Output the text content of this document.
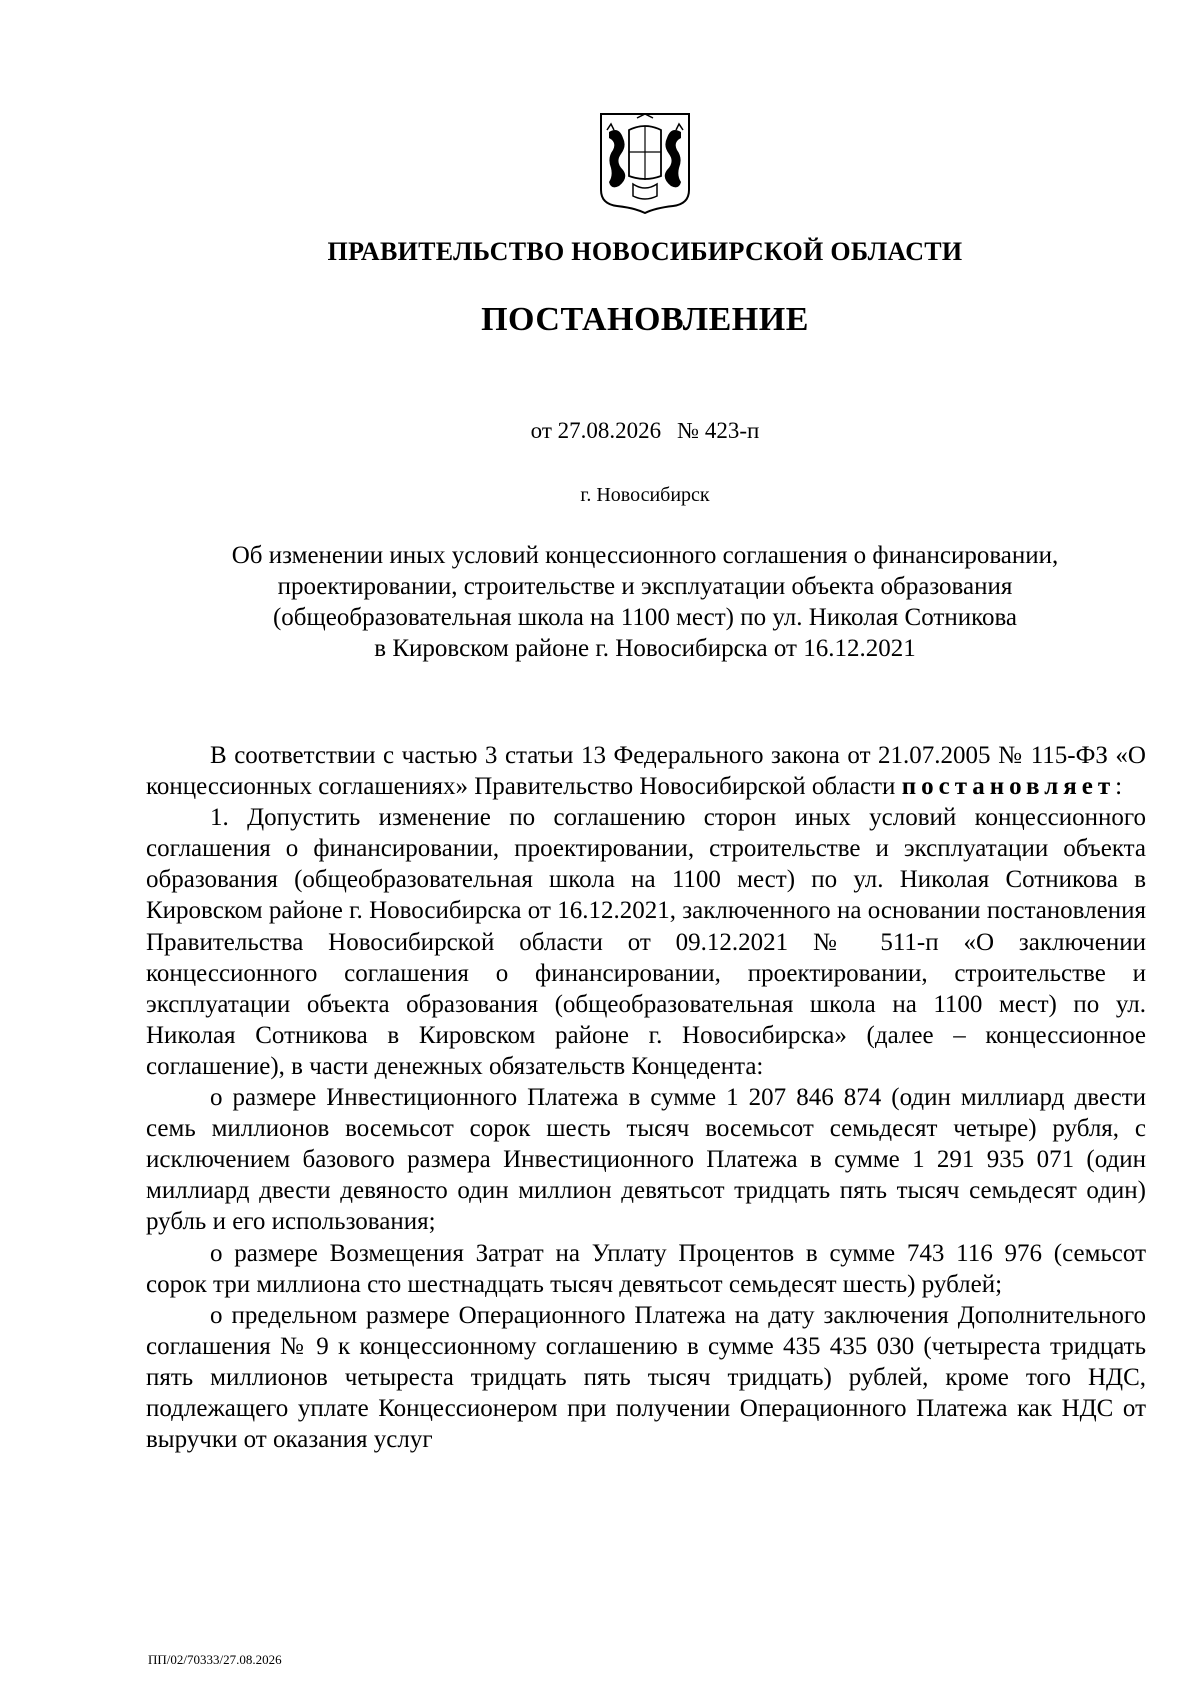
ПРАВИТЕЛЬСТВО НОВОСИБИРСКОЙ ОБЛАСТИ
ПОСТАНОВЛЕНИЕ
от 27.08.2026 № 423-п
г. Новосибирск
Об изменении иных условий концессионного соглашения о финансировании,
проектировании, строительстве и эксплуатации объекта образования
(общеобразовательная школа на 1100 мест) по ул. Николая Сотникова
в Кировском районе г. Новосибирска от 16.12.2021

В соответствии с частью 3 статьи 13 Федерального закона от 21.07.2005 № 115-ФЗ «О концессионных соглашениях» Правительство Новосибирской области постановляет:

1. Допустить изменение по соглашению сторон иных условий концессионного соглашения о финансировании, проектировании, строительстве и эксплуатации объекта образования (общеобразовательная школа на 1100 мест) по ул. Николая Сотникова в Кировском районе г. Новосибирска от 16.12.2021, заключенного на основании постановления Правительства Новосибирской области от 09.12.2021 № 511-п «О заключении концессионного соглашения о финансировании, проектировании, строительстве и эксплуатации объекта образования (общеобразовательная школа на 1100 мест) по ул. Николая Сотникова в Кировском районе г. Новосибирска» (далее – концессионное соглашение), в части денежных обязательств Концедента:

о размере Инвестиционного Платежа в сумме 1 207 846 874 (один миллиард двести семь миллионов восемьсот сорок шесть тысяч восемьсот семьдесят четыре) рубля, с исключением базового размера Инвестиционного Платежа в сумме 1 291 935 071 (один миллиард двести девяносто один миллион девятьсот тридцать пять тысяч семьдесят один) рубль и его использования;

о размере Возмещения Затрат на Уплату Процентов в сумме 743 116 976 (семьсот сорок три миллиона сто шестнадцать тысяч девятьсот семьдесят шесть) рублей;

о предельном размере Операционного Платежа на дату заключения Дополнительного соглашения № 9 к концессионному соглашению в сумме 435 435 030 (четыреста тридцать пять миллионов четыреста тридцать пять тысяч тридцать) рублей, кроме того НДС, подлежащего уплате Концессионером при получении Операционного Платежа как НДС от выручки от оказания услуг

ПП/02/70333/27.08.2026
